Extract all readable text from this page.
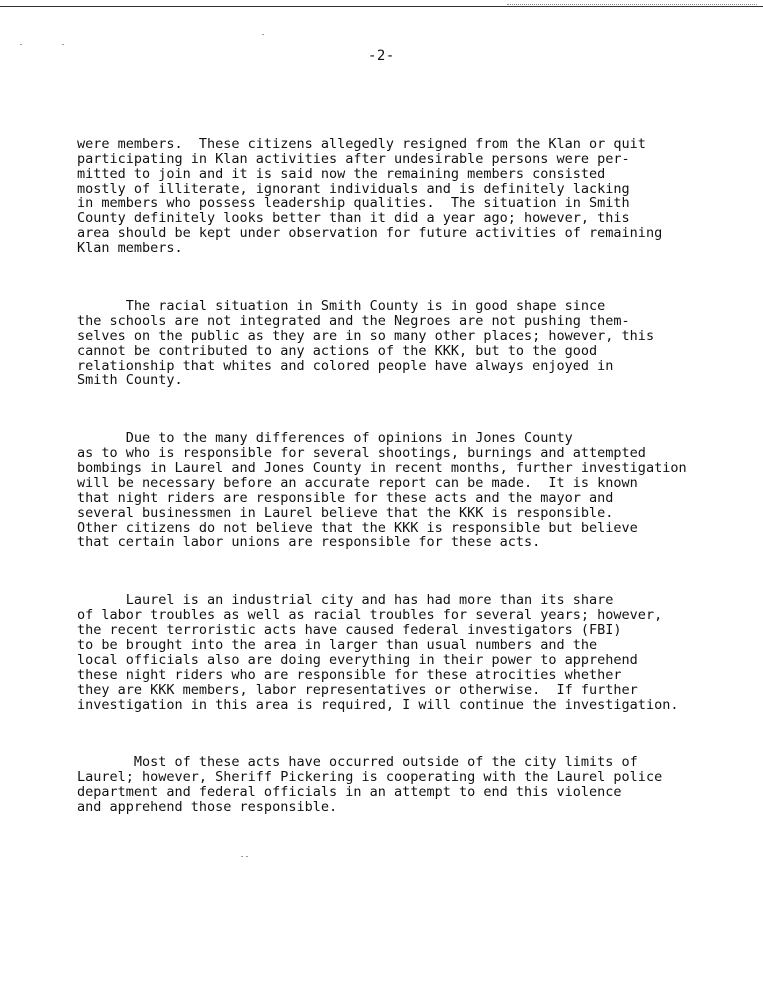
-2-

were members.  These citizens allegedly resigned from the Klan or quit
participating in Klan activities after undesirable persons were per-
mitted to join and it is said now the remaining members consisted
mostly of illiterate, ignorant individuals and is definitely lacking
in members who possess leadership qualities.  The situation in Smith
County definitely looks better than it did a year ago; however, this
area should be kept under observation for future activities of remaining
Klan members.

The racial situation in Smith County is in good shape since
the schools are not integrated and the Negroes are not pushing them-
selves on the public as they are in so many other places; however, this
cannot be contributed to any actions of the KKK, but to the good
relationship that whites and colored people have always enjoyed in
Smith County.

Due to the many differences of opinions in Jones County
as to who is responsible for several shootings, burnings and attempted
bombings in Laurel and Jones County in recent months, further investigation
will be necessary before an accurate report can be made.  It is known
that night riders are responsible for these acts and the mayor and
several businessmen in Laurel believe that the KKK is responsible.
Other citizens do not believe that the KKK is responsible but believe
that certain labor unions are responsible for these acts.

Laurel is an industrial city and has had more than its share
of labor troubles as well as racial troubles for several years; however,
the recent terroristic acts have caused federal investigators (FBI)
to be brought into the area in larger than usual numbers and the
local officials also are doing everything in their power to apprehend
these night riders who are responsible for these atrocities whether
they are KKK members, labor representatives or otherwise.  If further
investigation in this area is required, I will continue the investigation.

Most of these acts have occurred outside of the city limits of
Laurel; however, Sheriff Pickering is cooperating with the Laurel police
department and federal officials in an attempt to end this violence
and apprehend those responsible.
